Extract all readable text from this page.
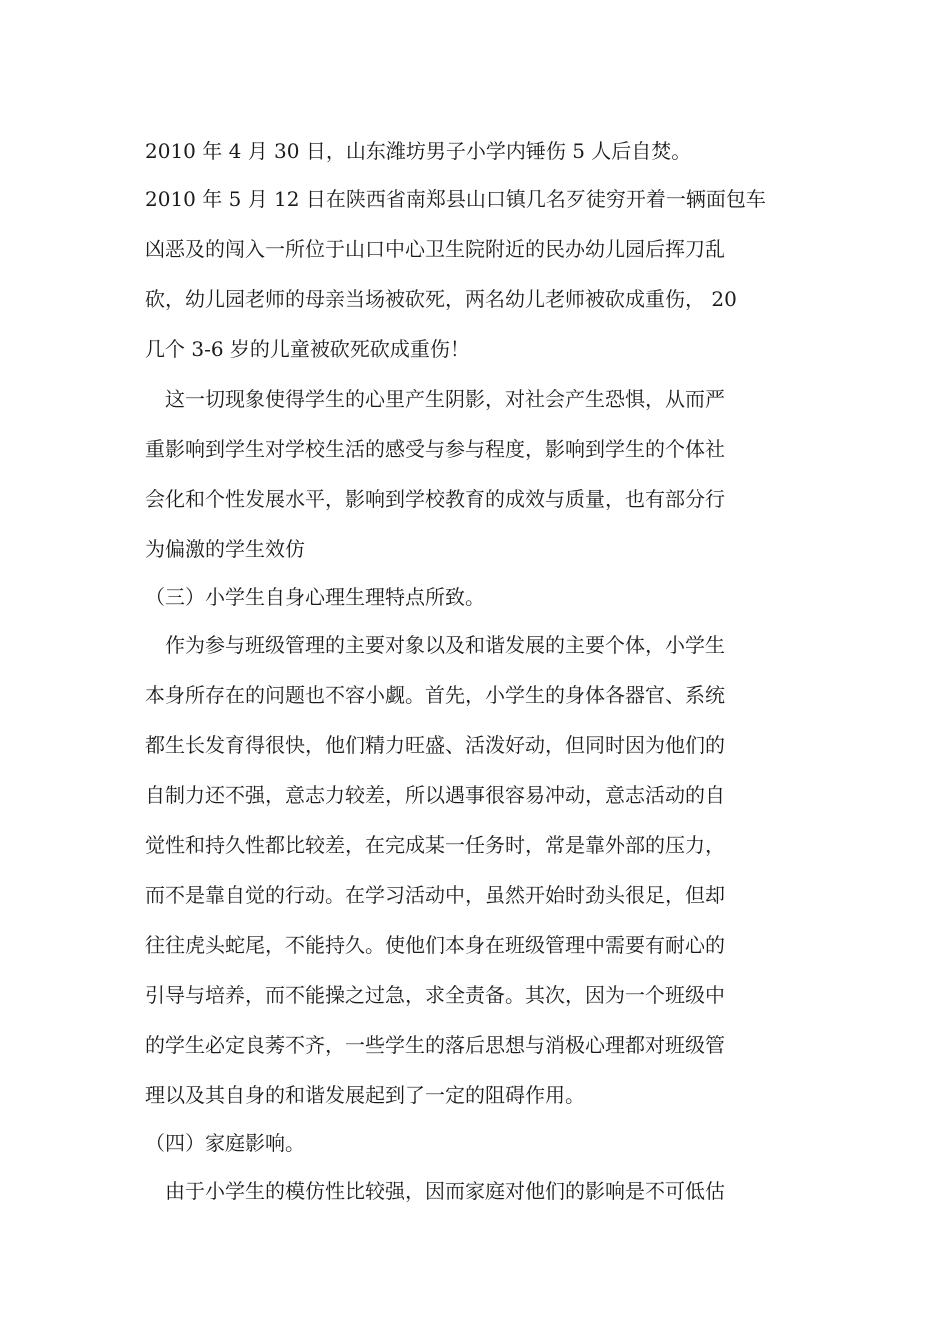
2010 年 4 月 30 日，山东潍坊男子小学内锤伤 5 人后自焚。
2010 年 5 月 12 日在陕西省南郑县山口镇几名歹徒穷开着一辆面包车
凶恶及的闯入一所位于山口中心卫生院附近的民办幼儿园后挥刀乱
砍，幼儿园老师的母亲当场被砍死，两名幼儿老师被砍成重伤， 20
几个 3-6 岁的儿童被砍死砍成重伤！
这一切现象使得学生的心里产生阴影，对社会产生恐惧，从而严
重影响到学生对学校生活的感受与参与程度，影响到学生的个体社
会化和个性发展水平，影响到学校教育的成效与质量，也有部分行
为偏激的学生效仿
（三）小学生自身心理生理特点所致。
作为参与班级管理的主要对象以及和谐发展的主要个体，小学生
本身所存在的问题也不容小觑。首先，小学生的身体各器官、系统
都生长发育得很快，他们精力旺盛、活泼好动，但同时因为他们的
自制力还不强，意志力较差，所以遇事很容易冲动，意志活动的自
觉性和持久性都比较差，在完成某一任务时，常是靠外部的压力，
而不是靠自觉的行动。在学习活动中，虽然开始时劲头很足，但却
往往虎头蛇尾，不能持久。使他们本身在班级管理中需要有耐心的
引导与培养，而不能操之过急，求全责备。其次，因为一个班级中
的学生必定良莠不齐，一些学生的落后思想与消极心理都对班级管
理以及其自身的和谐发展起到了一定的阻碍作用。
（四）家庭影响。
由于小学生的模仿性比较强，因而家庭对他们的影响是不可低估
